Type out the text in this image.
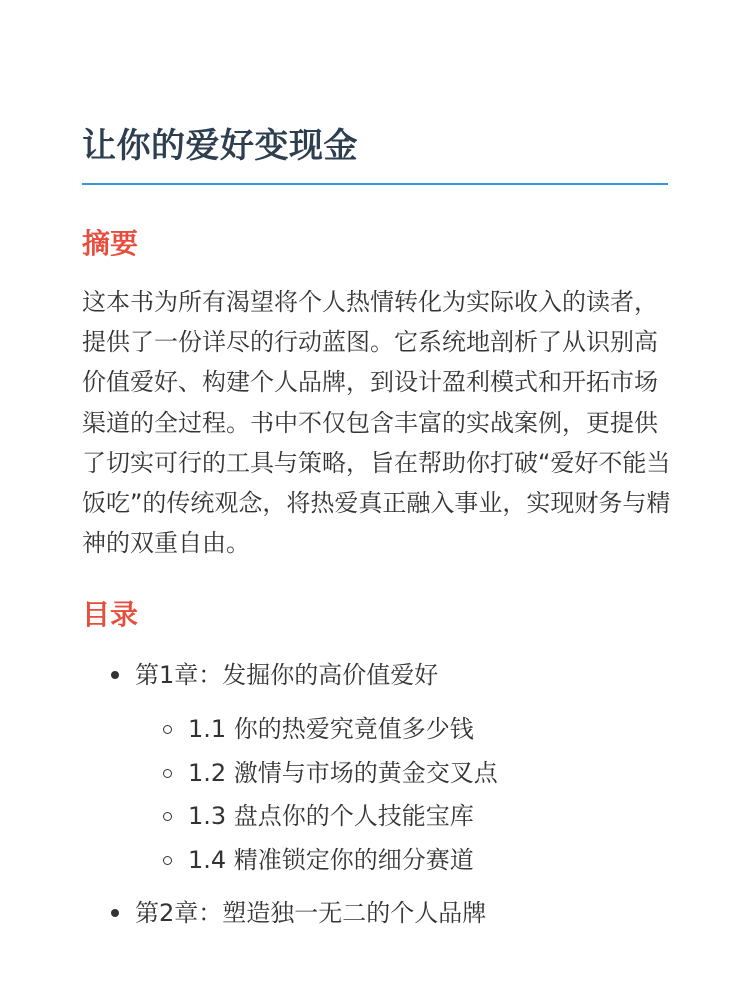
让你的爱好变现金
摘要

这本书为所有渴望将个人热情转化为实际收入的读者，提供了一份详尽的行动蓝图。它系统地剖析了从识别高价值爱好、构建个人品牌，到设计盈利模式和开拓市场渠道的全过程。书中不仅包含丰富的实战案例，更提供了切实可行的工具与策略，旨在帮助你打破“爱好不能当饭吃”的传统观念，将热爱真正融入事业，实现财务与精神的双重自由。

目录
第1章：发掘你的高价值爱好
1.1 你的热爱究竟值多少钱
1.2 激情与市场的黄金交叉点
1.3 盘点你的个人技能宝库
1.4 精准锁定你的细分赛道
第2章：塑造独一无二的个人品牌
